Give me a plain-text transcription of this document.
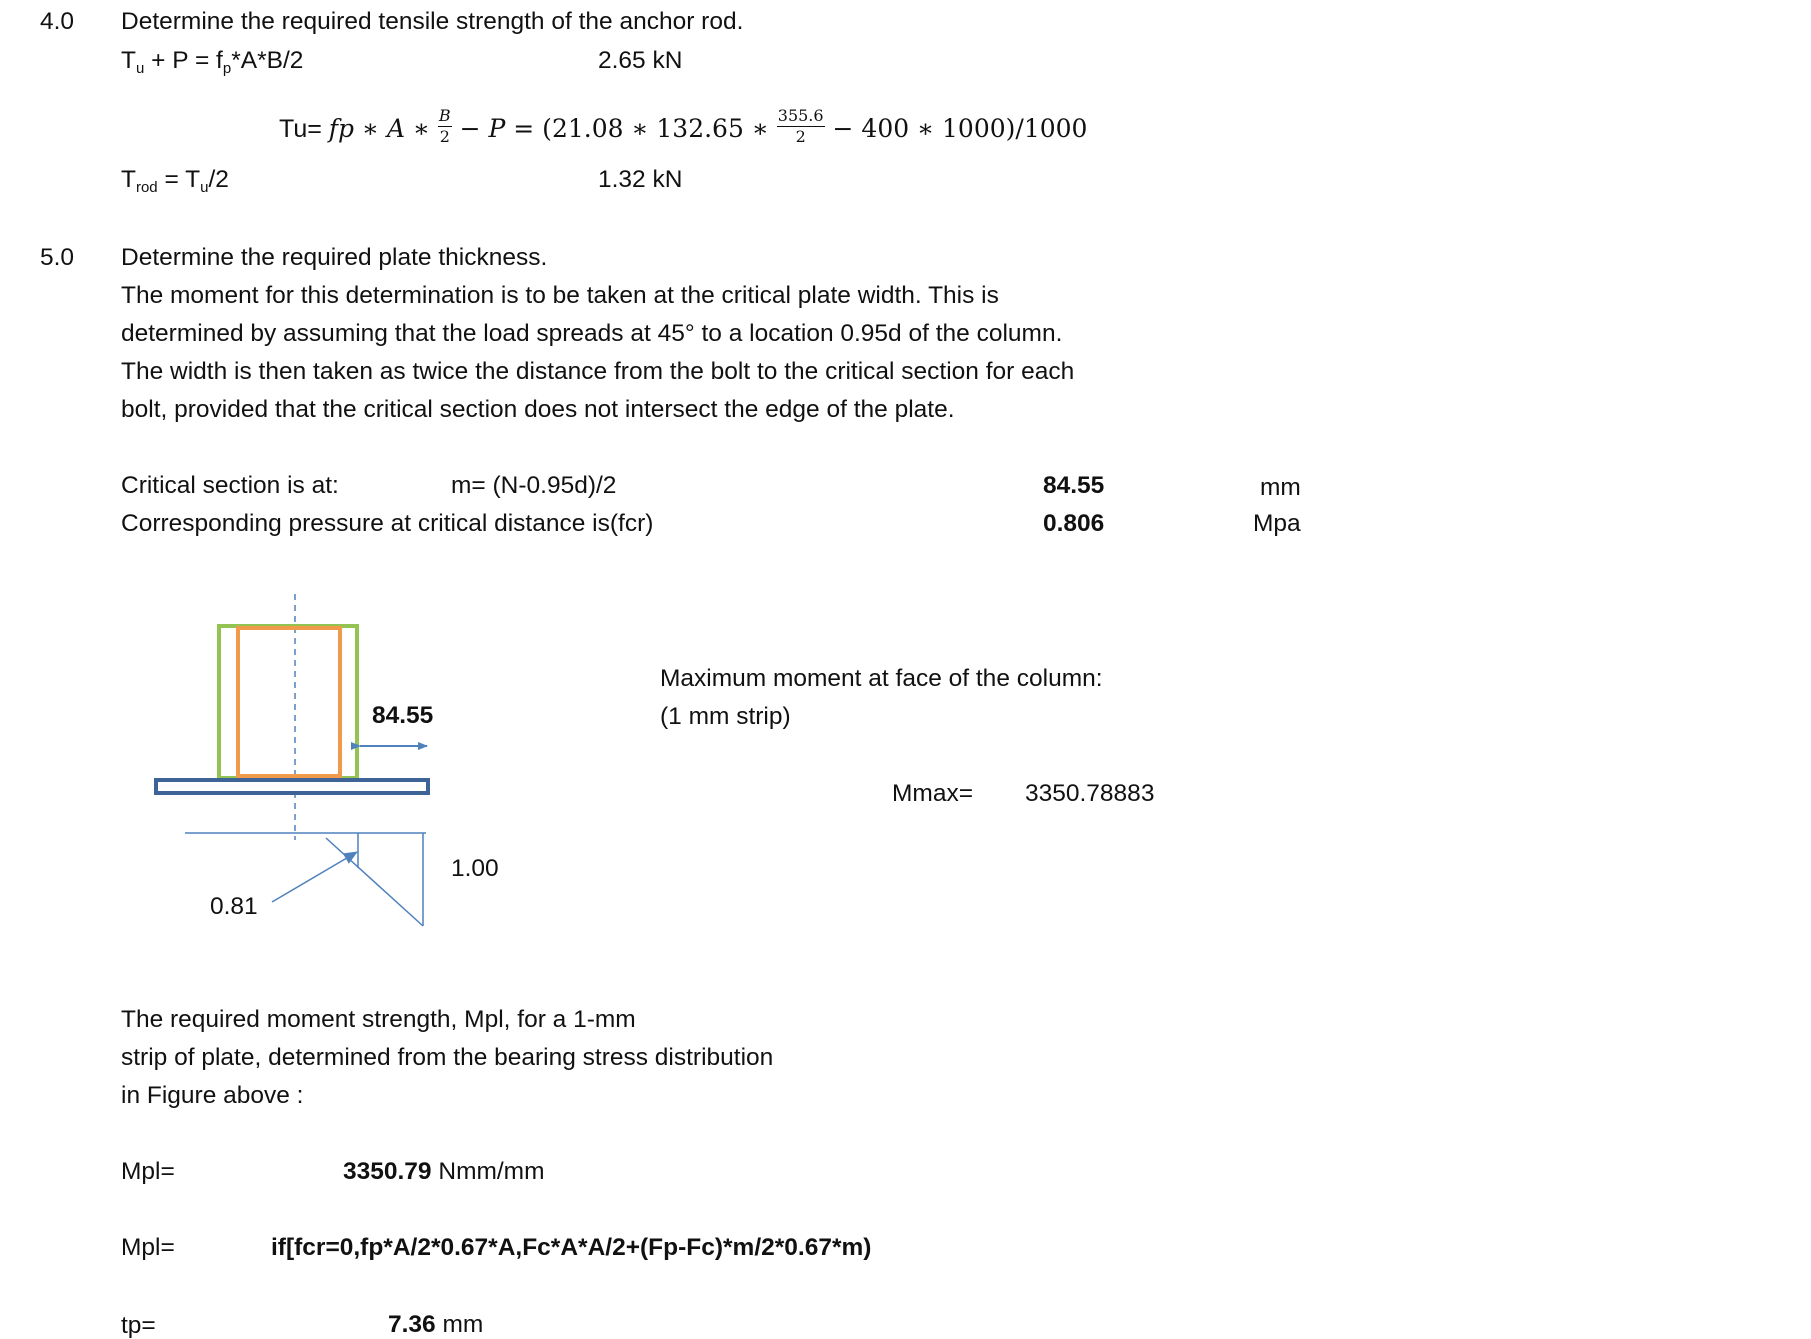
4.0 Determine the required tensile strength of the anchor rod.
$T_u + P = f_p*A*B/2$	2.65 kN
Tu= fp ∗ A ∗ $\frac{B}{2} - P = (21.08$ ∗ 132.65 ∗ $\frac{355.6}{2} - 400$ ∗ 1000)/1000
$T_{rod} = T_u/2$	1.32 kN
5.0 Determine the required plate thickness.
The moment for this determination is to be taken at the critical plate width. This is
determined by assuming that the load spreads at 45° to a location 0.95d of the column.
The width is then taken as twice the distance from the bolt to the critical section for each
bolt, provided that the critical section does not intersect the edge of the plate.
Critical section is at:	m= (N-0.95d)/2	84.55	mm
Corresponding pressure at critical distance is(fcr)	0.806	Mpa
84.55
1.00
0.81
Maximum moment at face of the column:
(1 mm strip)
Mmax= 3350.78883
The required moment strength, Mpl, for a 1-mm
strip of plate, determined from the bearing stress distribution
in Figure above :
Mpl=	3350.79 Nmm/mm
Mpl=	if[fcr=0,fp*A/2*0.67*A,Fc*A*A/2+(Fp-Fc)*m/2*0.67*m)
tp=	7.36 mm
